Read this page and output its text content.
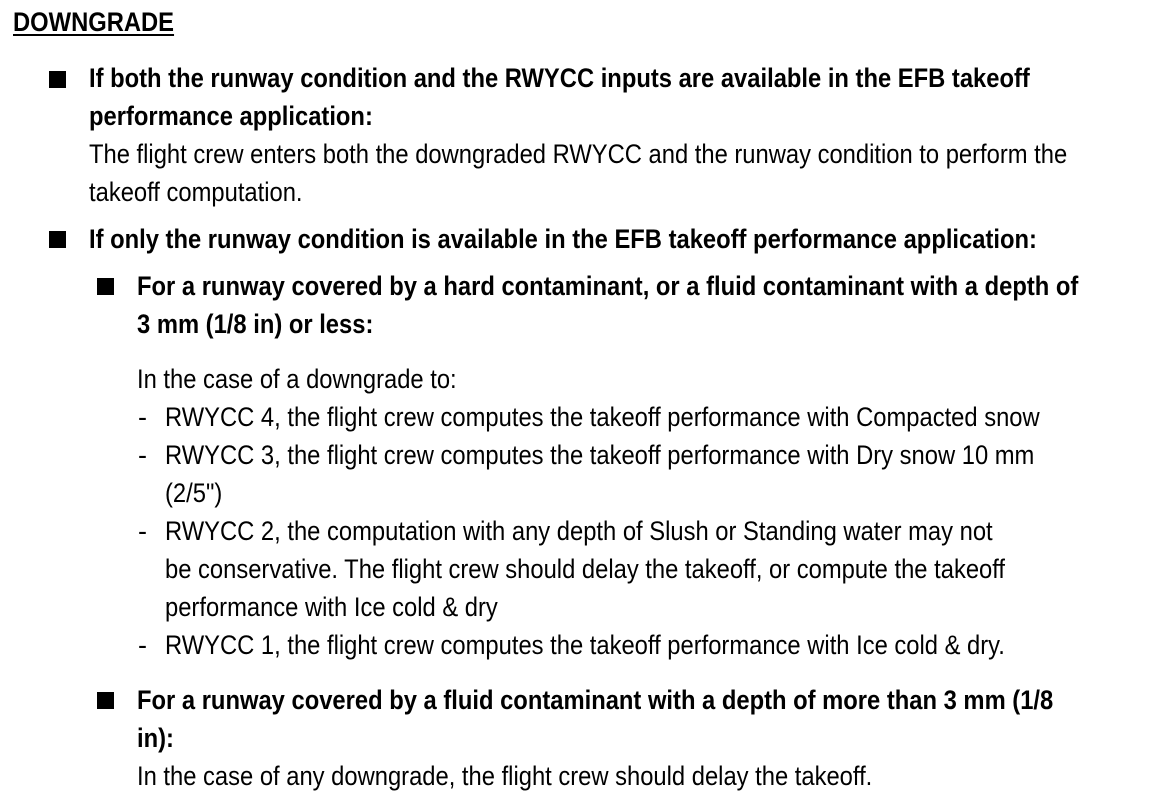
DOWNGRADE
If both the runway condition and the RWYCC inputs are available in the EFB takeoff
performance application:
The flight crew enters both the downgraded RWYCC and the runway condition to perform the
takeoff computation.
If only the runway condition is available in the EFB takeoff performance application:
For a runway covered by a hard contaminant, or a fluid contaminant with a depth of
3 mm (1/8 in) or less:
In the case of a downgrade to:
- RWYCC 4, the flight crew computes the takeoff performance with Compacted snow
- RWYCC 3, the flight crew computes the takeoff performance with Dry snow 10 mm
(2/5")
- RWYCC 2, the computation with any depth of Slush or Standing water may not
be conservative. The flight crew should delay the takeoff, or compute the takeoff
performance with Ice cold & dry
- RWYCC 1, the flight crew computes the takeoff performance with Ice cold & dry.
For a runway covered by a fluid contaminant with a depth of more than 3 mm (1/8
in):
In the case of any downgrade, the flight crew should delay the takeoff.
